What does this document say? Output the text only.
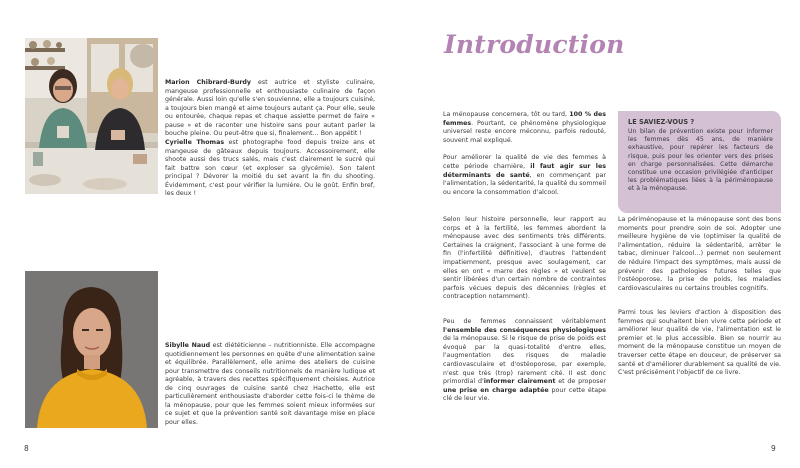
Marion Chibrard-Burdy est autrice et styliste culinaire, mangeuse professionnelle et enthousiaste culinaire de façon générale. Aussi loin qu'elle s'en souvienne, elle a toujours cuisiné, a toujours bien mangé et aime toujours autant ça. Pour elle, seule ou entourée, chaque repas et chaque assiette permet de faire « pause » et de raconter une histoire sans pour autant parler la bouche pleine. Ou peut-être que si, finalement… Bon appétit !

Cyrielle Thomas est photographe food depuis treize ans et mangeuse de gâteaux depuis toujours. Accessoirement, elle shoote aussi des trucs salés, mais c'est clairement le sucré qui fait battre son cœur (et exploser sa glycémie). Son talent principal ? Dévorer la moitié du set avant la fin du shooting. Évidemment, c'est pour vérifier la lumière. Ou le goût. Enfin bref, les deux !

Sibylle Naud est diététicienne – nutritionniste. Elle accompagne quotidiennement les personnes en quête d'une alimentation saine et équilibrée. Parallèlement, elle anime des ateliers de cuisine pour transmettre des conseils nutritionnels de manière ludique et agréable, à travers des recettes spécifiquement choisies. Autrice de cinq ouvrages de cuisine santé chez Hachette, elle est particulièrement enthousiaste d'aborder cette fois-ci le thème de la ménopause, pour que les femmes soient mieux informées sur ce sujet et que la prévention santé soit davantage mise en place pour elles.

8
Introduction

La ménopause concernera, tôt ou tard, 100 % des femmes. Pourtant, ce phénomène physiologique universel reste encore méconnu, parfois redouté, souvent mal expliqué.

Pour améliorer la qualité de vie des femmes à cette période charnière, il faut agir sur les déterminants de santé, en commençant par l'alimentation, la sédentarité, la qualité du sommeil ou encore la consommation d'alcool.

Selon leur histoire personnelle, leur rapport au corps et à la fertilité, les femmes abordent la ménopause avec des sentiments très différents. Certaines la craignent, l'associant à une forme de fin (l'infertilité définitive), d'autres l'attendent impatiemment, presque avec soulagement, car elles en ont « marre des règles » et veulent se sentir libérées d'un certain nombre de contraintes parfois vécues depuis des décennies (règles et contraception notamment).

Peu de femmes connaissent véritablement l'ensemble des conséquences physiologiques de la ménopause. Si le risque de prise de poids est évoqué par la quasi-totalité d'entre elles, l'augmentation des risques de maladie cardiovasculaire et d'ostéoporose, par exemple, n'est que très (trop) rarement cité. Il est donc primordial d'informer clairement et de proposer une prise en charge adaptée pour cette étape clé de leur vie.

LE SAVIEZ-VOUS ?

Un bilan de prévention existe pour informer les femmes dès 45 ans, de manière exhaustive, pour repérer les facteurs de risque, puis pour les orienter vers des prises en charge personnalisées. Cette démarche constitue une occasion privilégiée d'anticiper les problématiques liées à la périménopause et à la ménopause.

La périménopause et la ménopause sont des bons moments pour prendre soin de soi. Adopter une meilleure hygiène de vie (optimiser la qualité de l'alimentation, réduire la sédentarité, arrêter le tabac, diminuer l'alcool…) permet non seulement de réduire l'impact des symptômes, mais aussi de prévenir des pathologies futures telles que l'ostéoporose, la prise de poids, les maladies cardiovasculaires ou certains troubles cognitifs.

Parmi tous les leviers d'action à disposition des femmes qui souhaitent bien vivre cette période et améliorer leur qualité de vie, l'alimentation est le premier et le plus accessible. Bien se nourrir au moment de la ménopause constitue un moyen de traverser cette étape en douceur, de préserver sa santé et d'améliorer durablement sa qualité de vie. C'est précisément l'objectif de ce livre.

9
